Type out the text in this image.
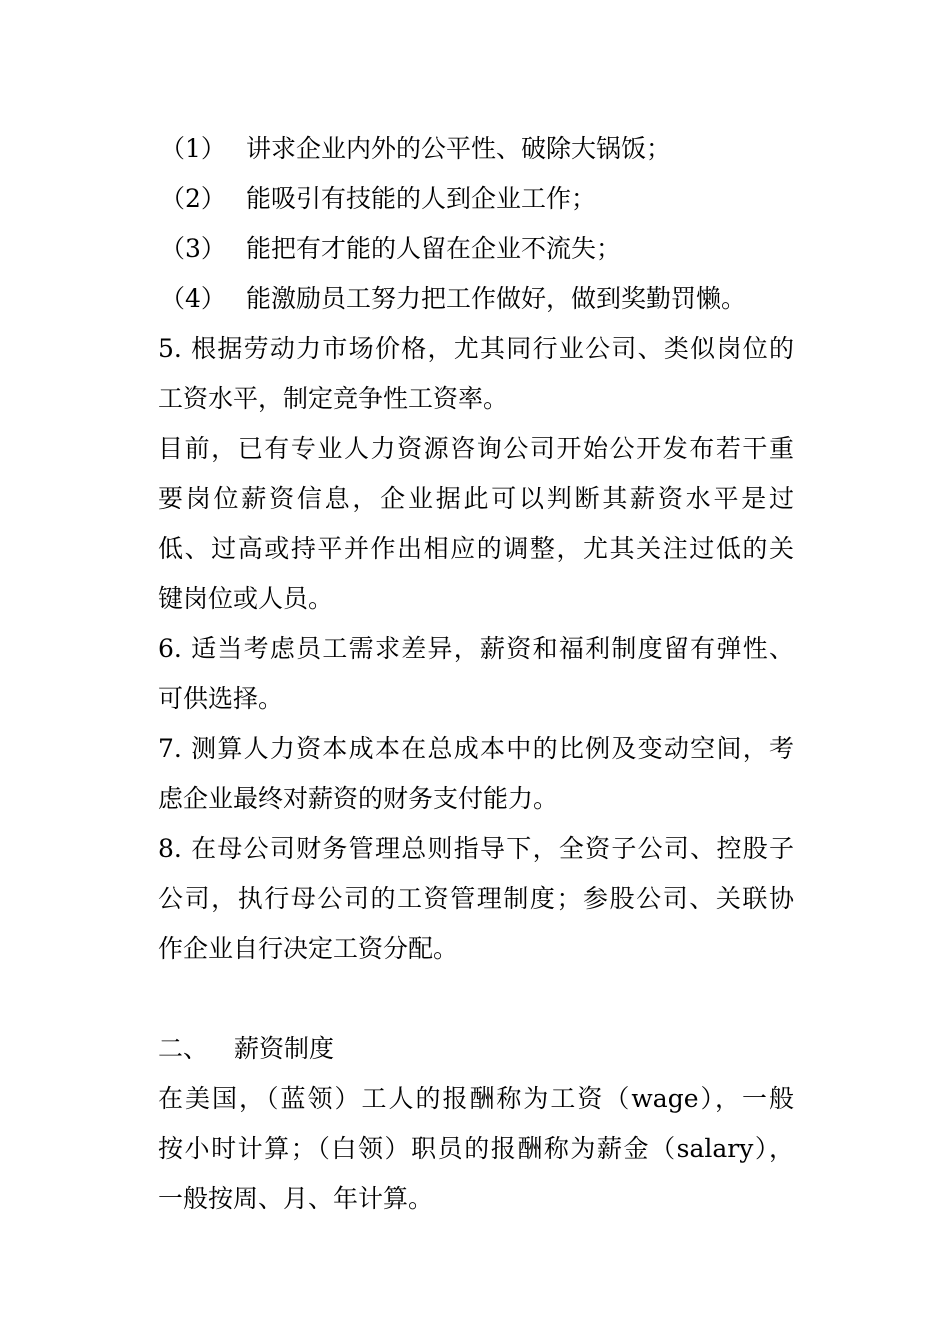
（1） 讲求企业内外的公平性、破除大锅饭；
（2） 能吸引有技能的人到企业工作；
（3） 能把有才能的人留在企业不流失；
（4） 能激励员工努力把工作做好，做到奖勤罚懒。
5. 根据劳动力市场价格，尤其同行业公司、类似岗位的
工资水平，制定竞争性工资率。
目前，已有专业人力资源咨询公司开始公开发布若干重
要岗位薪资信息，企业据此可以判断其薪资水平是过
低、过高或持平并作出相应的调整，尤其关注过低的关
键岗位或人员。
6. 适当考虑员工需求差异，薪资和福利制度留有弹性、
可供选择。
7. 测算人力资本成本在总成本中的比例及变动空间，考
虑企业最终对薪资的财务支付能力。
8. 在母公司财务管理总则指导下，全资子公司、控股子
公司，执行母公司的工资管理制度；参股公司、关联协
作企业自行决定工资分配。
二、 薪资制度
在美国，（蓝领）工人的报酬称为工资（wage），一般
按小时计算；（白领）职员的报酬称为薪金（salary），
一般按周、月、年计算。
